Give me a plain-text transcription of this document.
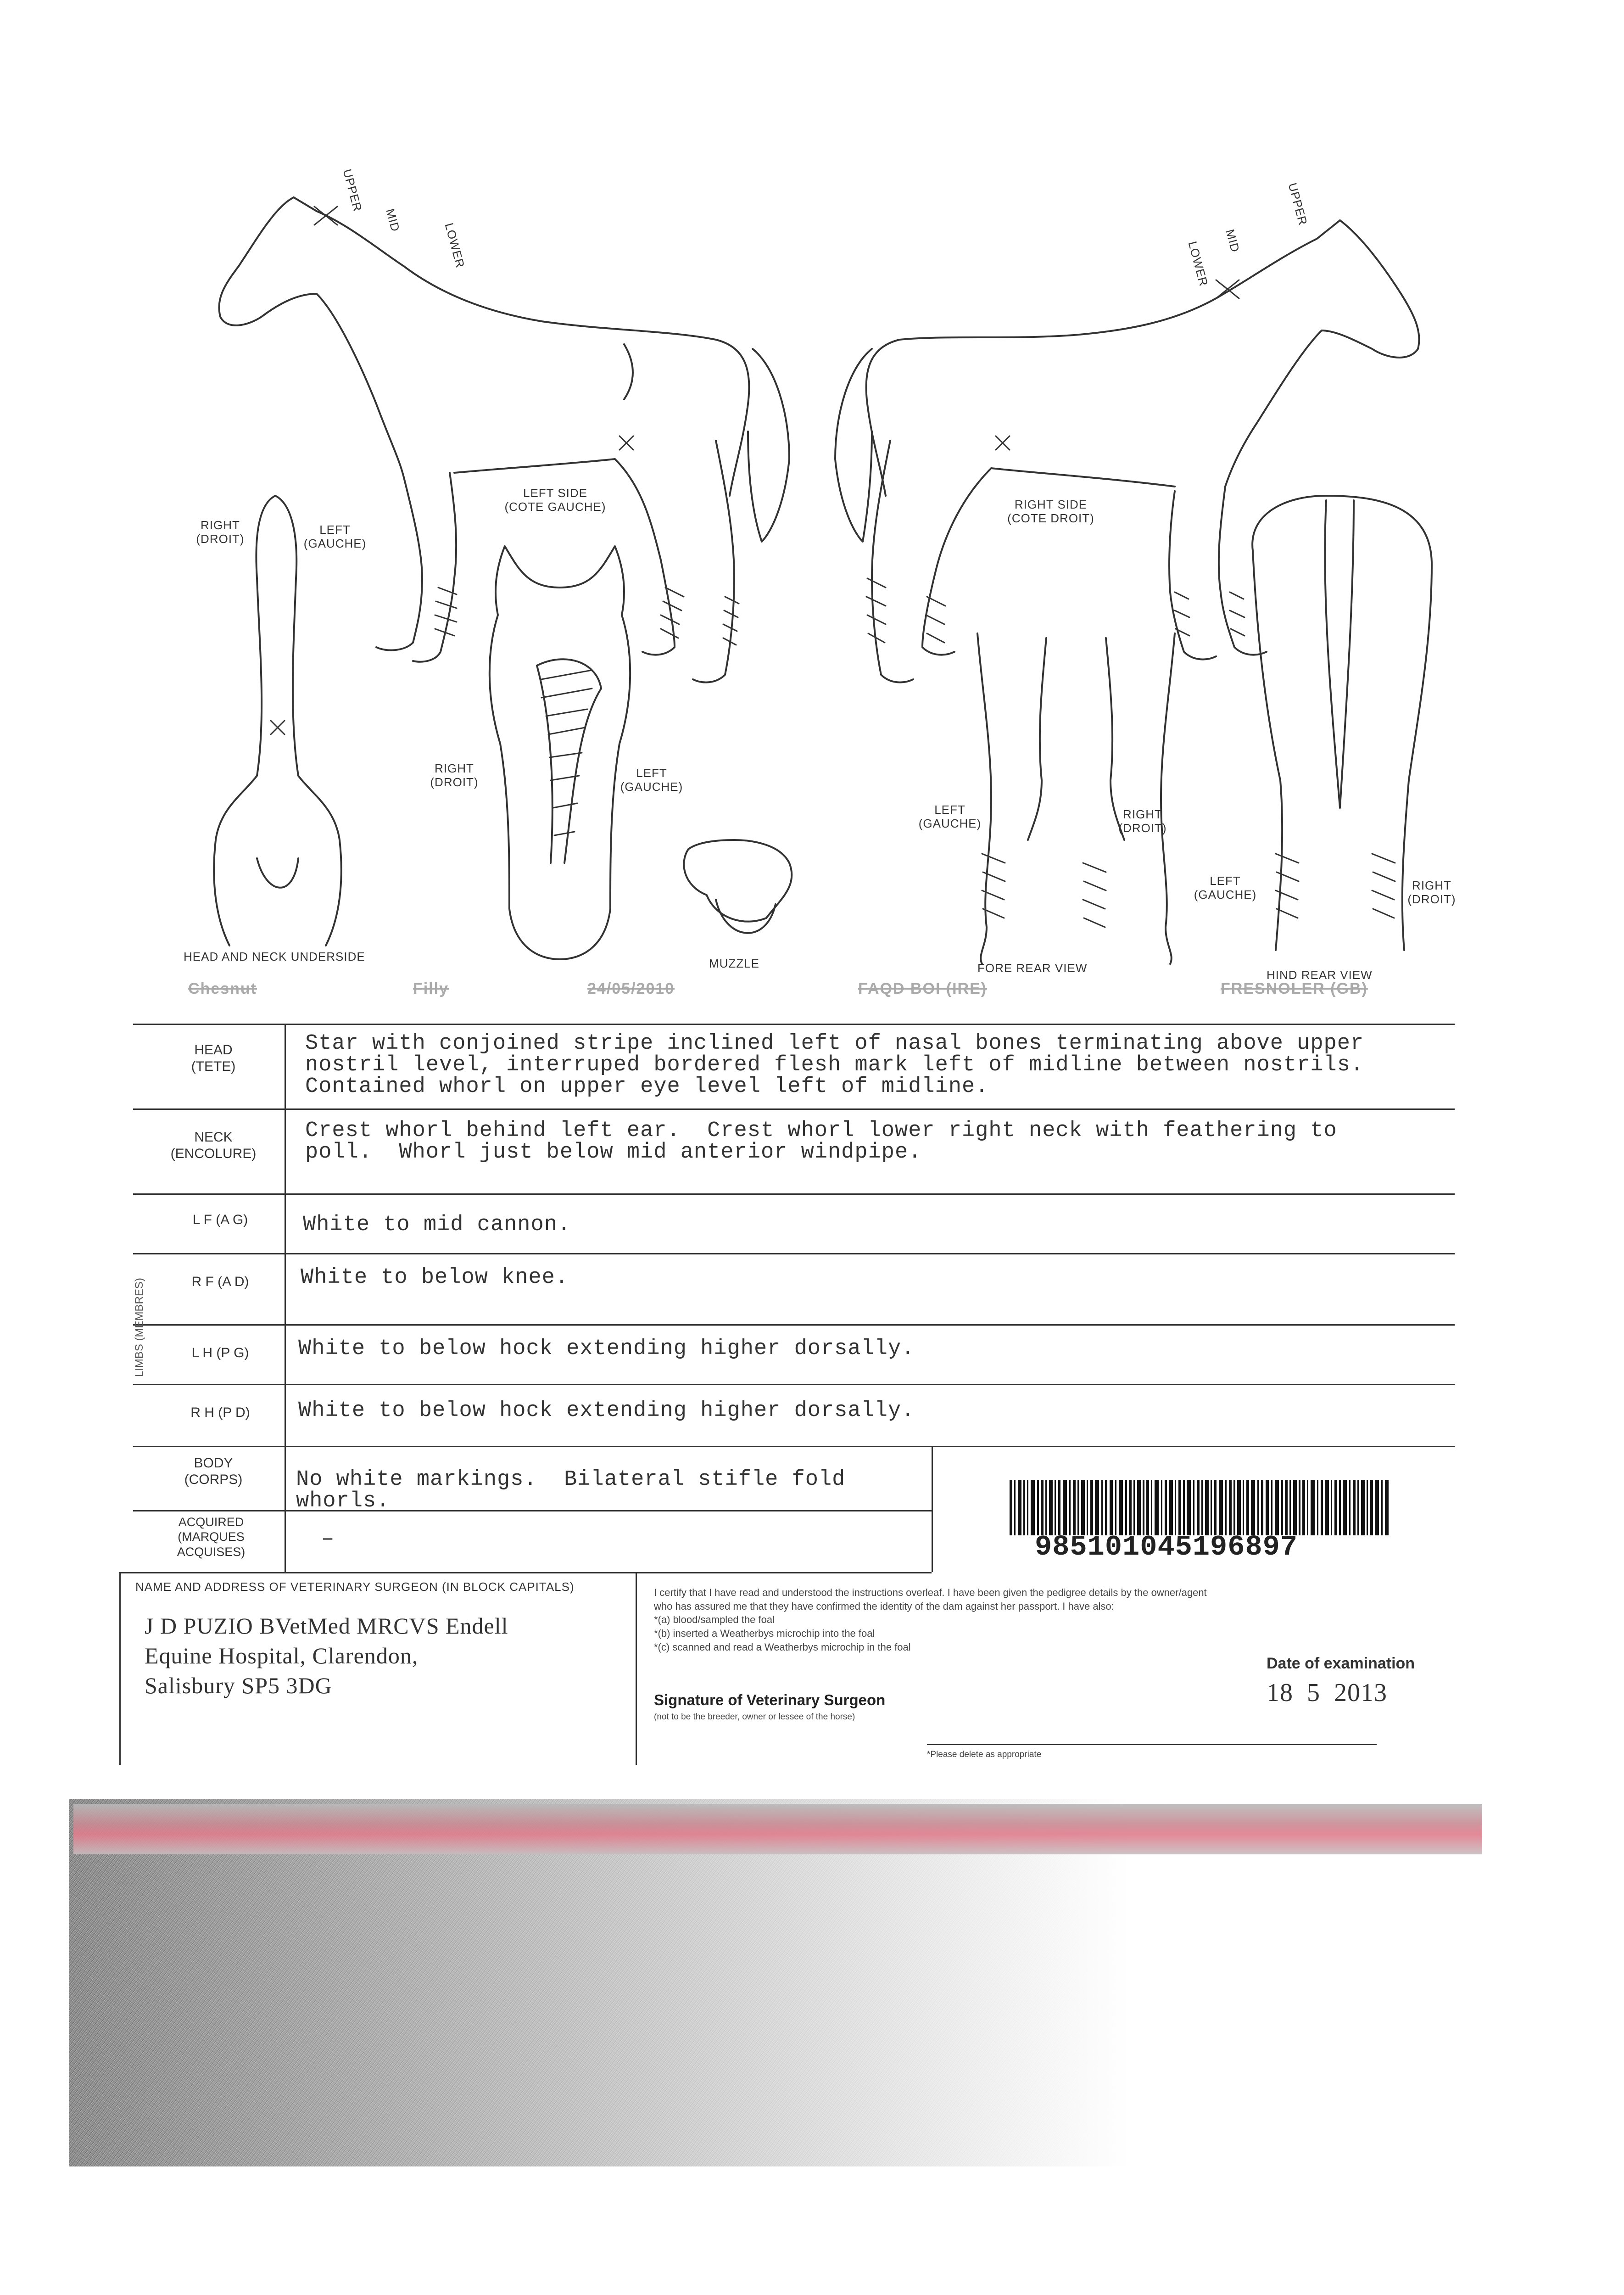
UPPER
MID
LOWER
UPPER
MID
LOWER
LEFT SIDE
(COTE GAUCHE)	RIGHT SIDE
(COTE DROIT)
RIGHT
(DROIT)
LEFT
(GAUCHE)
RIGHT
(DROIT)
LEFT
(GAUCHE)
LEFT
(GAUCHE)
RIGHT
(DROIT)
LEFT
(GAUCHE)
RIGHT
(DROIT)
HEAD AND NECK UNDERSIDE	MUZZLE	FORE REAR VIEW	HIND REAR VIEW
Chesnut	Filly	24/05/2010	FAQD BOI (IRE)	FRESNOLER (GB)
HEAD
(TETE)
Star with conjoined stripe inclined left of nasal bones terminating above upper
nostril level, interruped bordered flesh mark left of midline between nostrils.
Contained whorl on upper eye level left of midline.
NECK
(ENCOLURE)
Crest whorl behind left ear.  Crest whorl lower right neck with feathering to
poll.  Whorl just below mid anterior windpipe.
LIMBS (MEMBRES)
L F (A G)	White to mid cannon.
R F (A D)	White to below knee.
L H (P G)	White to below hock extending higher dorsally.
R H (P D)	White to below hock extending higher dorsally.
BODY
(CORPS)	No white markings.  Bilateral stifle fold
whorls.
ACQUIRED
(MARQUES
ACQUISES)
–	985101045196897
NAME AND ADDRESS OF VETERINARY SURGEON (IN BLOCK CAPITALS)
J D PUZIO BVetMed MRCVS Endell
Equine Hospital, Clarendon,
Salisbury SP5 3DG
I certify that I have read and understood the instructions overleaf. I have been given the pedigree details by the owner/agent
who has assured me that they have confirmed the identity of the dam against her passport. I have also:
*(a) blood/sampled the foal
*(b) inserted a Weatherbys microchip into the foal
*(c) scanned and read a Weatherbys microchip in the foal
Signature of Veterinary Surgeon
(not to be the breeder, owner or lessee of the horse)
*Please delete as appropriate
Date of examination
18  5  2013
